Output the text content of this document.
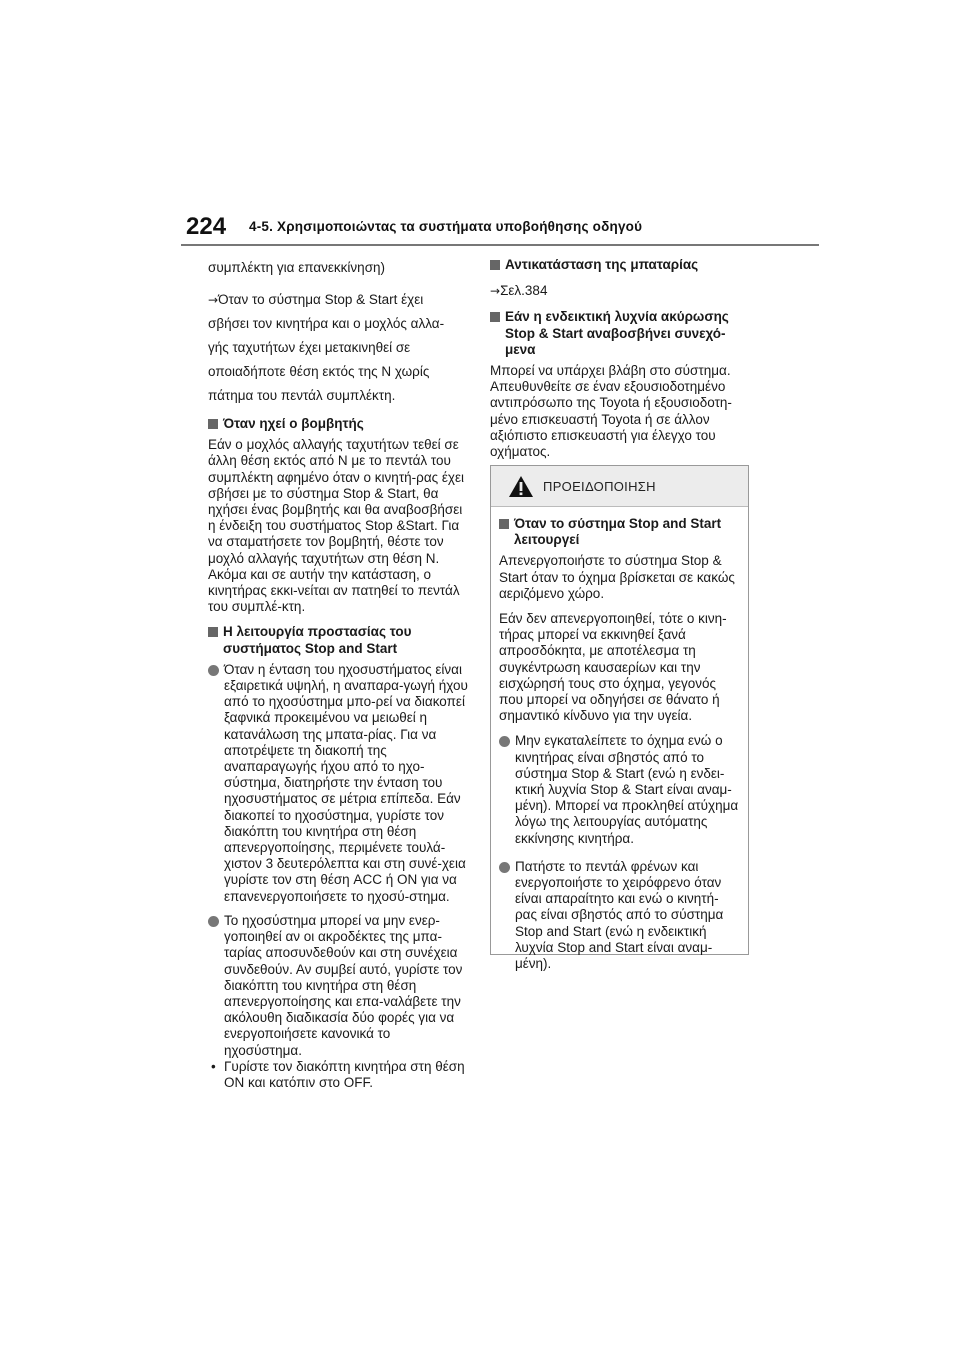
224 4-5. Χρησιμοποιώντας τα συστήματα υποβοήθησης οδηγού

συμπλέκτη για επανεκκίνηση)

→Όταν το σύστημα Stop & Start έχει
σβήσει τον κινητήρα και ο μοχλός αλλα-
γής ταχυτήτων έχει μετακινηθεί σε
οποιαδήποτε θέση εκτός της Ν χωρίς
πάτημα του πεντάλ συμπλέκτη.
Όταν ηχεί ο βομβητής

Εάν ο μοχλός αλλαγής ταχυτήτων τεθεί σε άλλη θέση εκτός από Ν με το πεντάλ του συμπλέκτη αφημένο όταν ο κινητή-ρας έχει σβήσει με το σύστημα Stop & Start, θα ηχήσει ένας βομβητής και θα αναβοσβήσει η ένδειξη του συστήματος Stop &Start. Για να σταματήσετε τον βομβητή, θέστε τον μοχλό αλλαγής ταχυτήτων στη θέση Ν. Ακόμα και σε αυτήν την κατάσταση, ο κινητήρας εκκι-νείται αν πατηθεί το πεντάλ του συμπλέ-κτη.

Η λειτουργία προστασίας του συστήματος Stop and Start
Όταν η ένταση του ηχοσυστήματος είναι εξαιρετικά υψηλή, η αναπαρα-γωγή ήχου από το ηχοσύστημα μπο-ρεί να διακοπεί ξαφνικά προκειμένου να μειωθεί η κατανάλωση της μπατα-ρίας. Για να αποτρέψετε τη διακοπή της αναπαραγωγής ήχου από το ηχο-σύστημα, διατηρήστε την ένταση του ηχοσυστήματος σε μέτρια επίπεδα. Εάν διακοπεί το ηχοσύστημα, γυρίστε τον διακόπτη του κινητήρα στη θέση απενεργοποίησης, περιμένετε τουλά-χιστον 3 δευτερόλεπτα και στη συνέ-χεια γυρίστε τον στη θέση ACC ή ON για να επανενεργοποιήσετε το ηχοσύ-στημα.
Το ηχοσύστημα μπορεί να μην ενερ-γοποιηθεί αν οι ακροδέκτες της μπα-ταρίας αποσυνδεθούν και στη συνέχεια συνδεθούν. Αν συμβεί αυτό, γυρίστε τον διακόπτη του κινητήρα στη θέση απενεργοποίησης και επα-ναλάβετε την ακόλουθη διαδικασία δύο φορές για να ενεργοποιήσετε κανονικά το ηχοσύστημα.
• Γυρίστε τον διακόπτη κινητήρα στη θέση ON και κατόπιν στο OFF.
Αντικατάσταση της μπαταρίας

→Σελ.384

Εάν η ενδεικτική λυχνία ακύρωσης Stop & Start αναβοσβήνει συνεχό-μενα

Μπορεί να υπάρχει βλάβη στο σύστημα. Απευθυνθείτε σε έναν εξουσιοδοτημένο αντιπρόσωπο της Toyota ή εξουσιοδοτη-μένο επισκευαστή Toyota ή σε άλλον αξιόπιστο επισκευαστή για έλεγχο του οχήματος.

ΠΡΟΕΙΔΟΠΟΙΗΣΗ
Όταν το σύστημα Stop and Start λειτουργεί

Απενεργοποιήστε το σύστημα Stop & Start όταν το όχημα βρίσκεται σε κακώς αεριζόμενο χώρο.

Εάν δεν απενεργοποιηθεί, τότε ο κινη-τήρας μπορεί να εκκινηθεί ξανά απροσδόκητα, με αποτέλεσμα τη συγκέντρωση καυσαερίων και την εισχώρησή τους στο όχημα, γεγονός που μπορεί να οδηγήσει σε θάνατο ή σημαντικό κίνδυνο για την υγεία.

Μην εγκαταλείπετε το όχημα ενώ ο κινητήρας είναι σβηστός από το σύστημα Stop & Start (ενώ η ενδει-κτική λυχνία Stop & Start είναι αναμ-μένη). Μπορεί να προκληθεί ατύχημα λόγω της λειτουργίας αυτόματης εκκίνησης κινητήρα.
Πατήστε το πεντάλ φρένων και ενεργοποιήστε το χειρόφρενο όταν είναι απαραίτητο και ενώ ο κινητή-ρας είναι σβηστός από το σύστημα Stop and Start (ενώ η ενδεικτική λυχνία Stop and Start είναι αναμ-μένη).
